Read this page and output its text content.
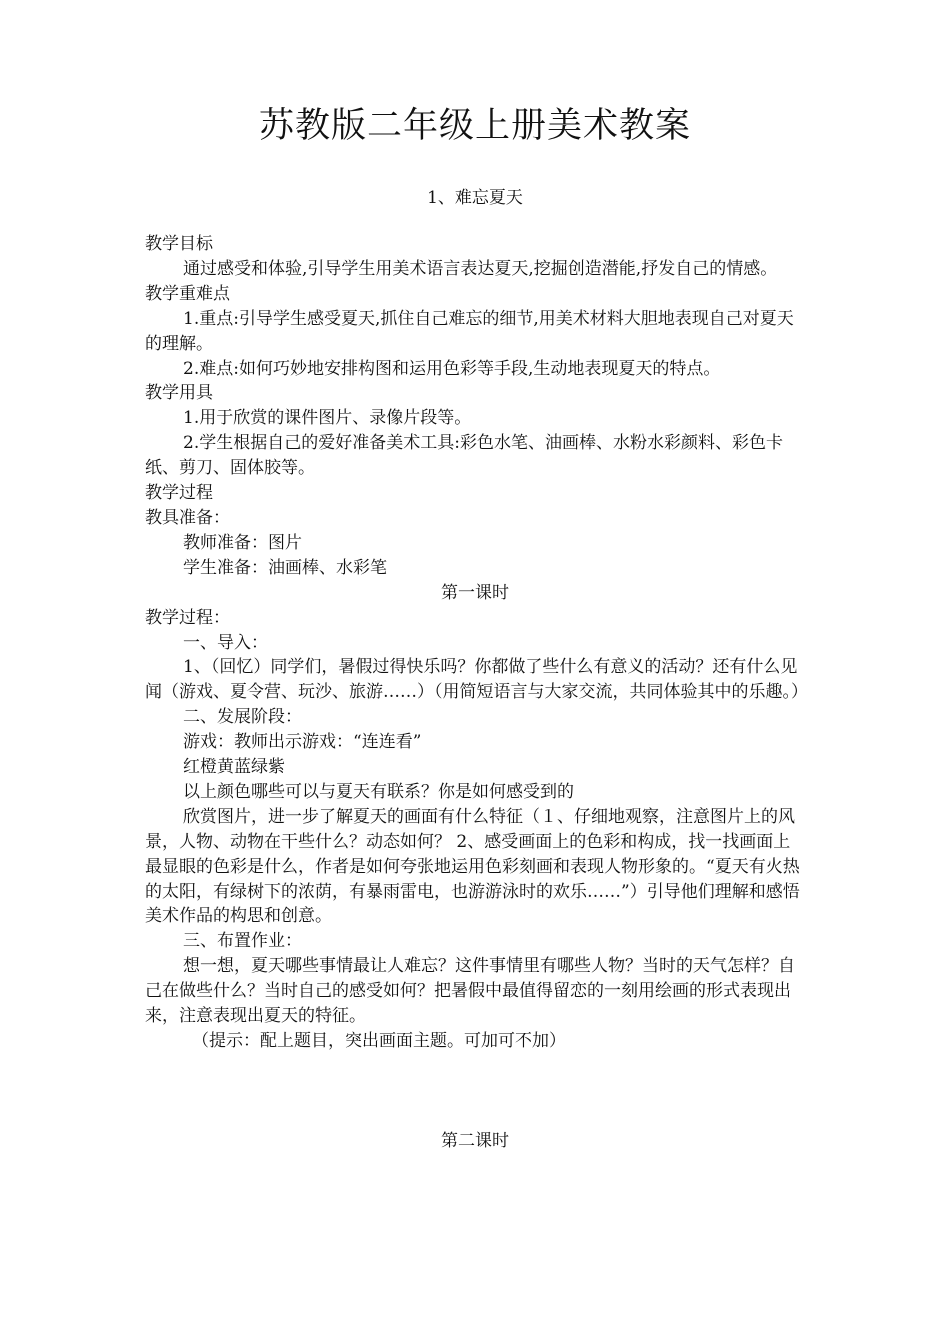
苏教版二年级上册美术教案
1、难忘夏天

教学目标

通过感受和体验,引导学生用美术语言表达夏天,挖掘创造潜能,抒发自己的情感。

教学重难点

1.重点:引导学生感受夏天,抓住自己难忘的细节,用美术材料大胆地表现自己对夏天的理解。

2.难点:如何巧妙地安排构图和运用色彩等手段,生动地表现夏天的特点。

教学用具

1.用于欣赏的课件图片、录像片段等。

2.学生根据自己的爱好准备美术工具:彩色水笔、油画棒、水粉水彩颜料、彩色卡纸、剪刀、固体胶等。

教学过程

教具准备：

教师准备：图片

学生准备：油画棒、水彩笔

第一课时

教学过程：

一、导入：

1、（回忆）同学们，暑假过得快乐吗？你都做了些什么有意义的活动？还有什么见闻（游戏、夏令营、玩沙、旅游……）（用简短语言与大家交流，共同体验其中的乐趣。）

二、发展阶段：

游戏：教师出示游戏：“连连看”

红橙黄蓝绿紫

以上颜色哪些可以与夏天有联系？你是如何感受到的

欣赏图片，进一步了解夏天的画面有什么特征（１、仔细地观察，注意图片上的风景，人物、动物在干些什么？动态如何？ 2、感受画面上的色彩和构成，找一找画面上最显眼的色彩是什么，作者是如何夸张地运用色彩刻画和表现人物形象的。“夏天有火热的太阳，有绿树下的浓荫，有暴雨雷电，也游游泳时的欢乐……”）引导他们理解和感悟美术作品的构思和创意。

三、布置作业：

想一想，夏天哪些事情最让人难忘？这件事情里有哪些人物？当时的天气怎样？自己在做些什么？当时自己的感受如何？把暑假中最值得留恋的一刻用绘画的形式表现出来，注意表现出夏天的特征。

（提示：配上题目，突出画面主题。可加可不加）

第二课时
